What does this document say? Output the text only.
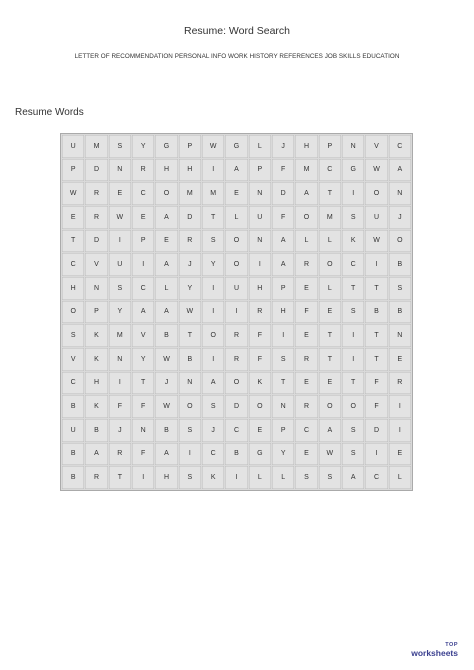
Resume: Word Search
LETTER OF RECOMMENDATION PERSONAL INFO WORK HISTORY REFERENCES JOB SKILLS EDUCATION
Resume Words
U	M	S	Y	G	P	W	G	L	J	H	P	N	V	C
P	D	N	R	H	H	I	A	P	F	M	C	G	W	A
W	R	E	C	O	M	M	E	N	D	A	T	I	O	N
E	R	W	E	A	D	T	L	U	F	O	M	S	U	J
T	D	I	P	E	R	S	O	N	A	L	L	K	W	O
C	V	U	I	A	J	Y	O	I	A	R	O	C	I	B
H	N	S	C	L	Y	I	U	H	P	E	L	T	T	S
O	P	Y	A	A	W	I	I	R	H	F	E	S	B	B
S	K	M	V	B	T	O	R	F	I	E	T	I	T	N
V	K	N	Y	W	B	I	R	F	S	R	T	I	T	E
C	H	I	T	J	N	A	O	K	T	E	E	T	F	R
B	K	F	F	W	O	S	D	O	N	R	O	O	F	I
U	B	J	N	B	S	J	C	E	P	C	A	S	D	I
B	A	R	F	A	I	C	B	G	Y	E	W	S	I	E
B	R	T	I	H	S	K	I	L	L	S	S	A	C	L
TOP
worksheets
